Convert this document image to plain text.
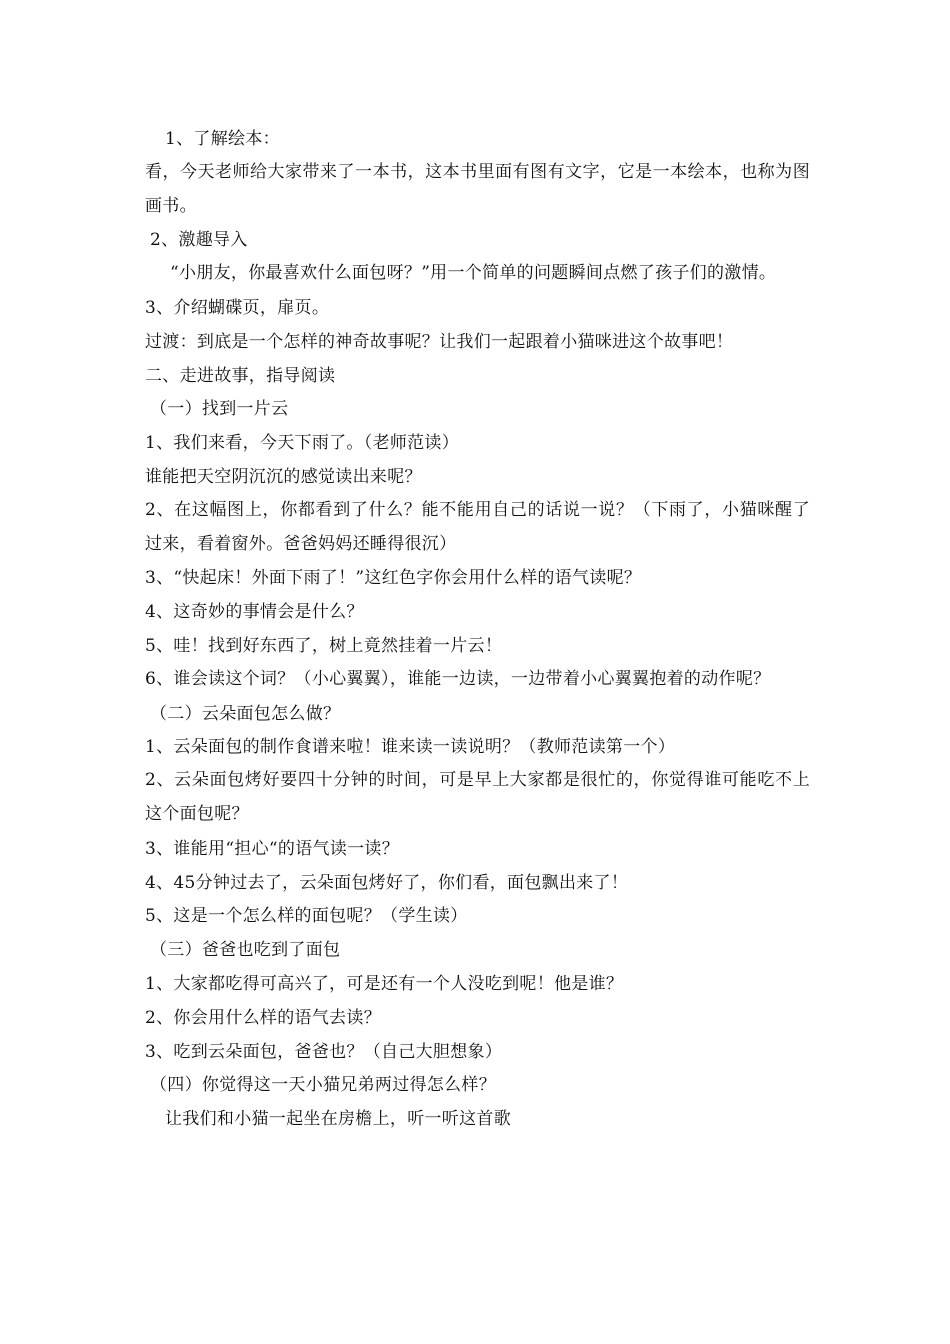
1、了解绘本：
看，今天老师给大家带来了一本书，这本书里面有图有文字，它是一本绘本，也称为图画书。
2、激趣导入
“小朋友，你最喜欢什么面包呀？”用一个简单的问题瞬间点燃了孩子们的激情。
3、介绍蝴碟页，扉页。
过渡：到底是一个怎样的神奇故事呢？让我们一起跟着小猫咪进这个故事吧！
二、走进故事，指导阅读
（一）找到一片云
1、我们来看，今天下雨了。（老师范读）
谁能把天空阴沉沉的感觉读出来呢？
2、在这幅图上，你都看到了什么？能不能用自己的话说一说？（下雨了，小猫咪醒了过来，看着窗外。爸爸妈妈还睡得很沉）
3、“快起床！外面下雨了！”这红色字你会用什么样的语气读呢？
4、这奇妙的事情会是什么？
5、哇！找到好东西了，树上竟然挂着一片云！
6、谁会读这个词？（小心翼翼），谁能一边读，一边带着小心翼翼抱着的动作呢？
（二）云朵面包怎么做？
1、云朵面包的制作食谱来啦！谁来读一读说明？（教师范读第一个）
2、云朵面包烤好要四十分钟的时间，可是早上大家都是很忙的，你觉得谁可能吃不上这个面包呢？
3、谁能用“担心“的语气读一读？
4、45分钟过去了，云朵面包烤好了，你们看，面包飘出来了！
5、这是一个怎么样的面包呢？（学生读）
（三）爸爸也吃到了面包
1、大家都吃得可高兴了，可是还有一个人没吃到呢！他是谁？
2、你会用什么样的语气去读？
3、吃到云朵面包，爸爸也？（自己大胆想象）
（四）你觉得这一天小猫兄弟两过得怎么样？
让我们和小猫一起坐在房檐上，听一听这首歌
